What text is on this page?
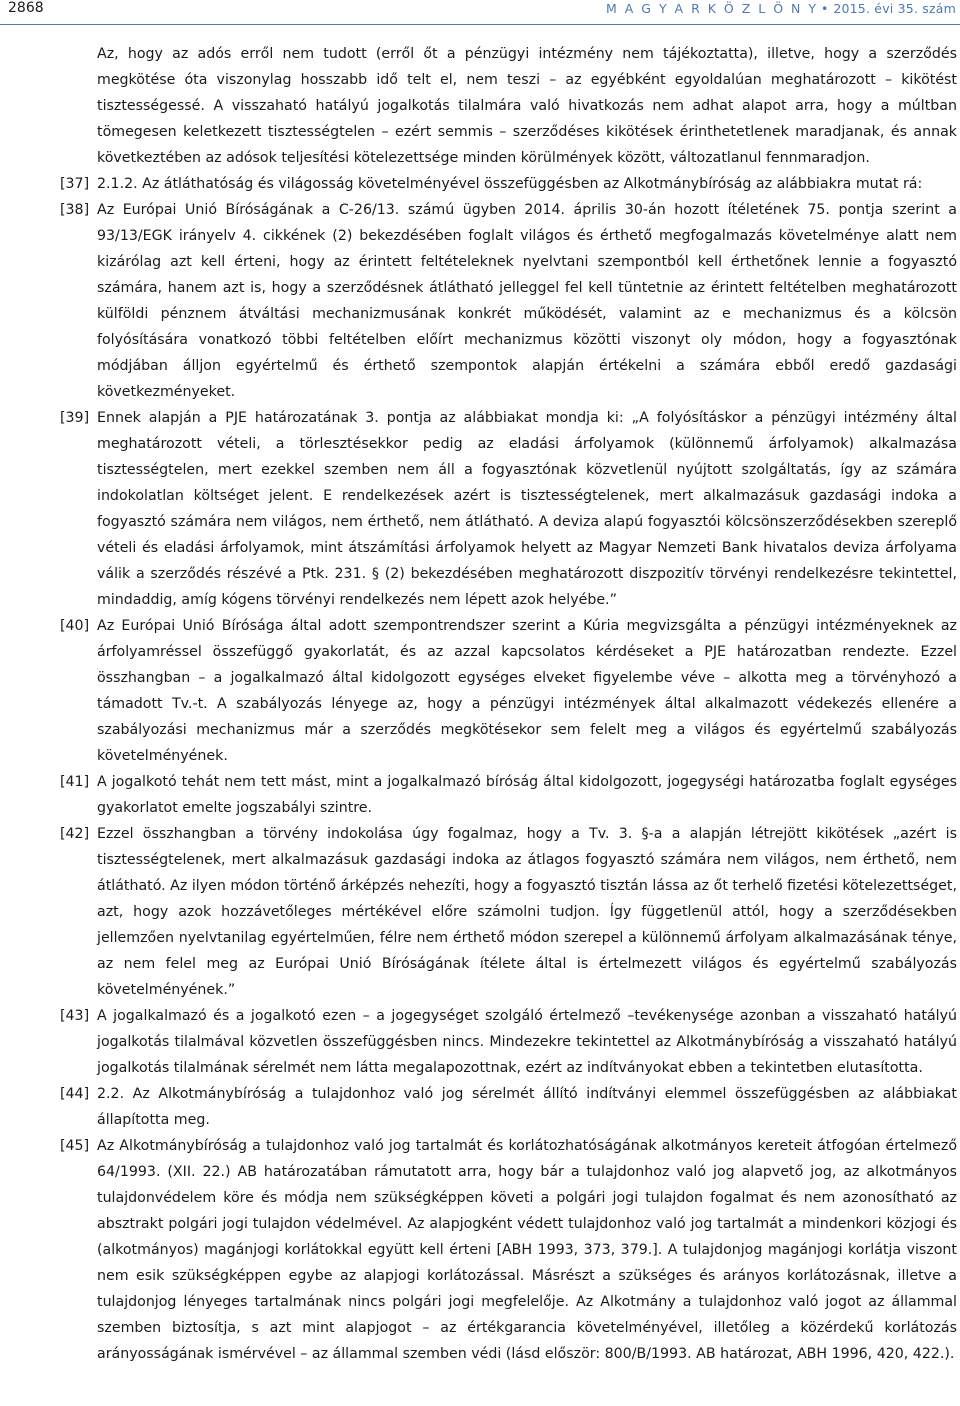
2868	M A G Y A R K Ö Z L Ö N Y • 2015. évi 35. szám
Az, hogy az adós erről nem tudott (erről őt a pénzügyi intézmény nem tájékoztatta), illetve, hogy a szerződés megkötése óta viszonylag hosszabb idő telt el, nem teszi – az egyébként egyoldalúan meghatározott – kikötést tisztességessé. A visszaható hatályú jogalkotás tilalmára való hivatkozás nem adhat alapot arra, hogy a múltban tömegesen keletkezett tisztességtelen – ezért semmis – szerződéses kikötések érinthetetlenek maradjanak, és annak következtében az adósok teljesítési kötelezettsége minden körülmények között, változatlanul fennmaradjon.
[37] 2.1.2. Az átláthatóság és világosság követelményével összefüggésben az Alkotmánybíróság az alábbiakra mutat rá:
[38] Az Európai Unió Bíróságának a C-26/13. számú ügyben 2014. április 30-án hozott ítéletének 75. pontja szerint a 93/13/EGK irányelv 4. cikkének (2) bekezdésében foglalt világos és érthető megfogalmazás követelménye alatt nem kizárólag azt kell érteni, hogy az érintett feltételeknek nyelvtani szempontból kell érthetőnek lennie a fogyasztó számára, hanem azt is, hogy a szerződésnek átlátható jelleggel fel kell tüntetnie az érintett feltételben meghatározott külföldi pénznem átváltási mechanizmusának konkrét működését, valamint az e mechanizmus és a kölcsön folyósítására vonatkozó többi feltételben előírt mechanizmus közötti viszonyt oly módon, hogy a fogyasztónak módjában álljon egyértelmű és érthető szempontok alapján értékelni a számára ebből eredő gazdasági következményeket.
[39] Ennek alapján a PJE határozatának 3. pontja az alábbiakat mondja ki: „A folyósításkor a pénzügyi intézmény által meghatározott vételi, a törlesztésekkor pedig az eladási árfolyamok (különnemű árfolyamok) alkalmazása tisztességtelen, mert ezekkel szemben nem áll a fogyasztónak közvetlenül nyújtott szolgáltatás, így az számára indokolatlan költséget jelent. E rendelkezések azért is tisztességtelenek, mert alkalmazásuk gazdasági indoka a fogyasztó számára nem világos, nem érthető, nem átlátható. A deviza alapú fogyasztói kölcsönszerződésekben szereplő vételi és eladási árfolyamok, mint átszámítási árfolyamok helyett az Magyar Nemzeti Bank hivatalos deviza árfolyama válik a szerződés részévé a Ptk. 231. § (2) bekezdésében meghatározott diszpozitív törvényi rendelkezésre tekintettel, mindaddig, amíg kógens törvényi rendelkezés nem lépett azok helyébe.”
[40] Az Európai Unió Bírósága által adott szempontrendszer szerint a Kúria megvizsgálta a pénzügyi intézményeknek az árfolyamréssel összefüggő gyakorlatát, és az azzal kapcsolatos kérdéseket a PJE határozatban rendezte. Ezzel összhangban – a jogalkalmazó által kidolgozott egységes elveket figyelembe véve – alkotta meg a törvényhozó a támadott Tv.-t. A szabályozás lényege az, hogy a pénzügyi intézmények által alkalmazott védekezés ellenére a szabályozási mechanizmus már a szerződés megkötésekor sem felelt meg a világos és egyértelmű szabályozás követelményének.
[41] A jogalkotó tehát nem tett mást, mint a jogalkalmazó bíróság által kidolgozott, jogegységi határozatba foglalt egységes gyakorlatot emelte jogszabályi szintre.
[42] Ezzel összhangban a törvény indokolása úgy fogalmaz, hogy a Tv. 3. §-a a alapján létrejött kikötések „azért is tisztességtelenek, mert alkalmazásuk gazdasági indoka az átlagos fogyasztó számára nem világos, nem érthető, nem átlátható. Az ilyen módon történő árképzés nehezíti, hogy a fogyasztó tisztán lássa az őt terhelő fizetési kötelezettséget, azt, hogy azok hozzávetőleges mértékével előre számolni tudjon. Így függetlenül attól, hogy a szerződésekben jellemzően nyelvtanilag egyértelműen, félre nem érthető módon szerepel a különnemű árfolyam alkalmazásának ténye, az nem felel meg az Európai Unió Bíróságának ítélete által is értelmezett világos és egyértelmű szabályozás követelményének.”
[43] A jogalkalmazó és a jogalkotó ezen – a jogegységet szolgáló értelmező –tevékenysége azonban a visszaható hatályú jogalkotás tilalmával közvetlen összefüggésben nincs. Mindezekre tekintettel az Alkotmánybíróság a visszaható hatályú jogalkotás tilalmának sérelmét nem látta megalapozottnak, ezért az indítványokat ebben a tekintetben elutasította.
[44] 2.2. Az Alkotmánybíróság a tulajdonhoz való jog sérelmét állító indítványi elemmel összefüggésben az alábbiakat állapította meg.
[45] Az Alkotmánybíróság a tulajdonhoz való jog tartalmát és korlátozhatóságának alkotmányos kereteit átfogóan értelmező 64/1993. (XII. 22.) AB határozatában rámutatott arra, hogy bár a tulajdonhoz való jog alapvető jog, az alkotmányos tulajdonvédelem köre és módja nem szükségképpen követi a polgári jogi tulajdon fogalmat és nem azonosítható az absztrakt polgári jogi tulajdon védelmével. Az alapjogként védett tulajdonhoz való jog tartalmát a mindenkori közjogi és (alkotmányos) magánjogi korlátokkal együtt kell érteni [ABH 1993, 373, 379.]. A tulajdonjog magánjogi korlátja viszont nem esik szükségképpen egybe az alapjogi korlátozással. Másrészt a szükséges és arányos korlátozásnak, illetve a tulajdonjog lényeges tartalmának nincs polgári jogi megfelelője. Az Alkotmány a tulajdonhoz való jogot az állammal szemben biztosítja, s azt mint alapjogot – az értékgarancia követelményével, illetőleg a közérdekű korlátozás arányosságának ismérvével – az állammal szemben védi (lásd először: 800/B/1993. AB határozat, ABH 1996, 420, 422.).
